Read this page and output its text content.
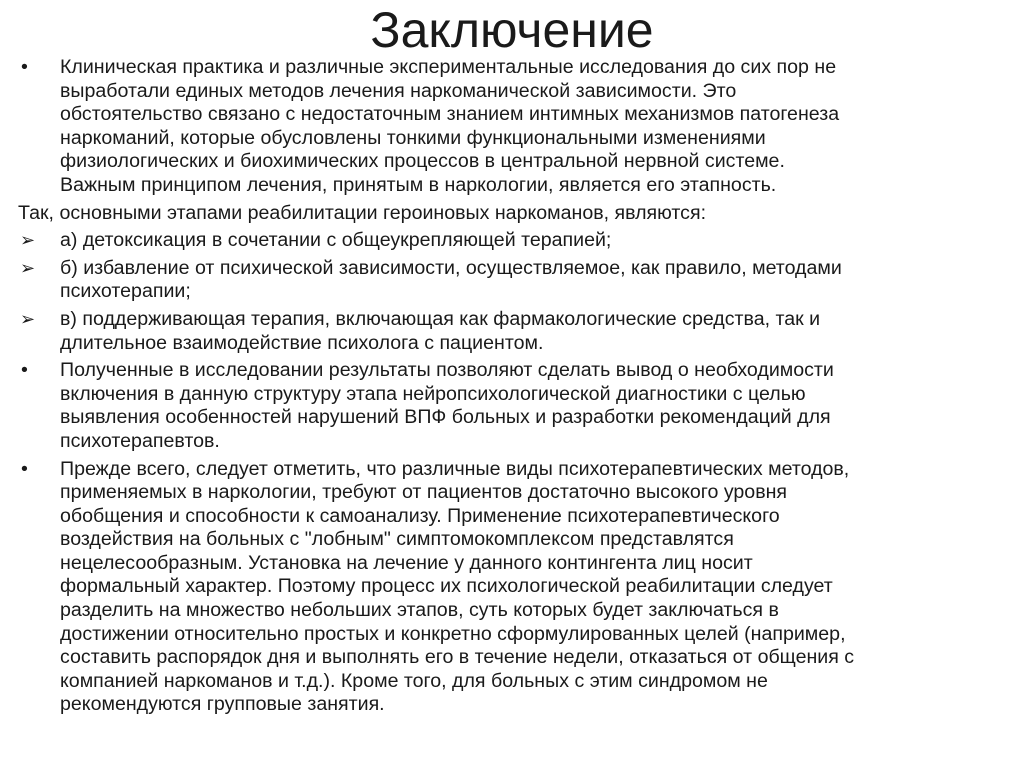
Заключение
•	Клиническая практика и различные экспериментальные исследования до сих пор не
выработали единых методов лечения наркоманической зависимости. Это
обстоятельство связано с недостаточным знанием интимных механизмов патогенеза
наркоманий, которые обусловлены тонкими функциональными изменениями
физиологических и биохимических процессов в центральной нервной системе.
Важным принципом лечения, принятым в наркологии, является его этапность.
Так, основными этапами реабилитации героиновых наркоманов, являются:
➢	а) детоксикация в сочетании с общеукрепляющей терапией;
➢	б) избавление от психической зависимости, осуществляемое, как правило, методами
психотерапии;
➢	в) поддерживающая терапия, включающая как фармакологические средства, так и
длительное взаимодействие психолога с пациентом.
•	Полученные в исследовании результаты позволяют сделать вывод о необходимости
включения в данную структуру этапа нейропсихологической диагностики с целью
выявления особенностей нарушений ВПФ больных и разработки рекомендаций для
психотерапевтов.
•	Прежде всего, следует отметить, что различные виды психотерапевтических методов,
применяемых в наркологии, требуют от пациентов достаточно высокого уровня
обобщения и способности к самоанализу. Применение психотерапевтического
воздействия на больных с "лобным" симптомокомплексом представлятся
нецелесообразным. Установка на лечение у данного контингента лиц носит
формальный характер. Поэтому процесс их психологической реабилитации следует
разделить на множество небольших этапов, суть которых будет заключаться в
достижении относительно простых и конкретно сформулированных целей (например,
составить распорядок дня и выполнять его в течение недели, отказаться от общения с
компанией наркоманов и т.д.). Кроме того, для больных с этим синдромом не
рекомендуются групповые занятия.
